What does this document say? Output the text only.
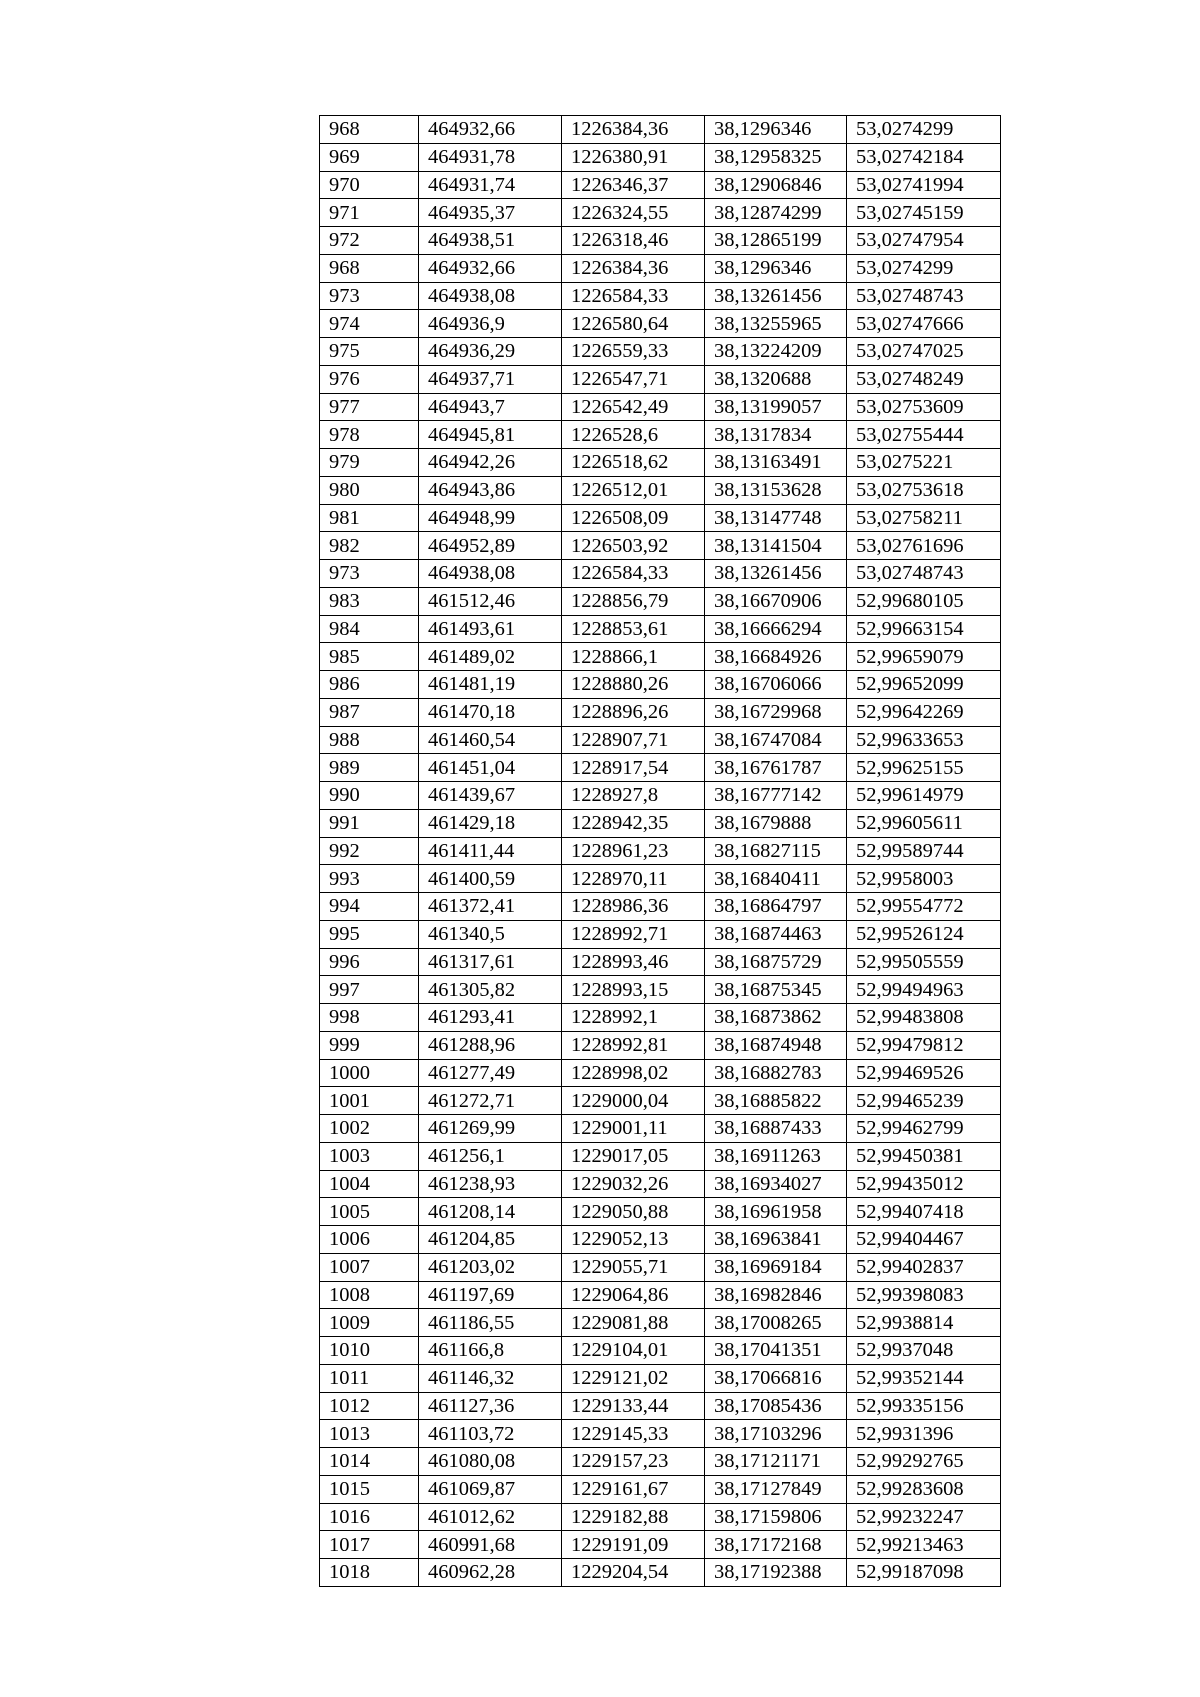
968	464932,66	1226384,36	38,1296346	53,0274299
969	464931,78	1226380,91	38,12958325	53,02742184
970	464931,74	1226346,37	38,12906846	53,02741994
971	464935,37	1226324,55	38,12874299	53,02745159
972	464938,51	1226318,46	38,12865199	53,02747954
968	464932,66	1226384,36	38,1296346	53,0274299
973	464938,08	1226584,33	38,13261456	53,02748743
974	464936,9	1226580,64	38,13255965	53,02747666
975	464936,29	1226559,33	38,13224209	53,02747025
976	464937,71	1226547,71	38,1320688	53,02748249
977	464943,7	1226542,49	38,13199057	53,02753609
978	464945,81	1226528,6	38,1317834	53,02755444
979	464942,26	1226518,62	38,13163491	53,0275221
980	464943,86	1226512,01	38,13153628	53,02753618
981	464948,99	1226508,09	38,13147748	53,02758211
982	464952,89	1226503,92	38,13141504	53,02761696
973	464938,08	1226584,33	38,13261456	53,02748743
983	461512,46	1228856,79	38,16670906	52,99680105
984	461493,61	1228853,61	38,16666294	52,99663154
985	461489,02	1228866,1	38,16684926	52,99659079
986	461481,19	1228880,26	38,16706066	52,99652099
987	461470,18	1228896,26	38,16729968	52,99642269
988	461460,54	1228907,71	38,16747084	52,99633653
989	461451,04	1228917,54	38,16761787	52,99625155
990	461439,67	1228927,8	38,16777142	52,99614979
991	461429,18	1228942,35	38,1679888	52,99605611
992	461411,44	1228961,23	38,16827115	52,99589744
993	461400,59	1228970,11	38,16840411	52,9958003
994	461372,41	1228986,36	38,16864797	52,99554772
995	461340,5	1228992,71	38,16874463	52,99526124
996	461317,61	1228993,46	38,16875729	52,99505559
997	461305,82	1228993,15	38,16875345	52,99494963
998	461293,41	1228992,1	38,16873862	52,99483808
999	461288,96	1228992,81	38,16874948	52,99479812
1000	461277,49	1228998,02	38,16882783	52,99469526
1001	461272,71	1229000,04	38,16885822	52,99465239
1002	461269,99	1229001,11	38,16887433	52,99462799
1003	461256,1	1229017,05	38,16911263	52,99450381
1004	461238,93	1229032,26	38,16934027	52,99435012
1005	461208,14	1229050,88	38,16961958	52,99407418
1006	461204,85	1229052,13	38,16963841	52,99404467
1007	461203,02	1229055,71	38,16969184	52,99402837
1008	461197,69	1229064,86	38,16982846	52,99398083
1009	461186,55	1229081,88	38,17008265	52,9938814
1010	461166,8	1229104,01	38,17041351	52,9937048
1011	461146,32	1229121,02	38,17066816	52,99352144
1012	461127,36	1229133,44	38,17085436	52,99335156
1013	461103,72	1229145,33	38,17103296	52,9931396
1014	461080,08	1229157,23	38,17121171	52,99292765
1015	461069,87	1229161,67	38,17127849	52,99283608
1016	461012,62	1229182,88	38,17159806	52,99232247
1017	460991,68	1229191,09	38,17172168	52,99213463
1018	460962,28	1229204,54	38,17192388	52,99187098
